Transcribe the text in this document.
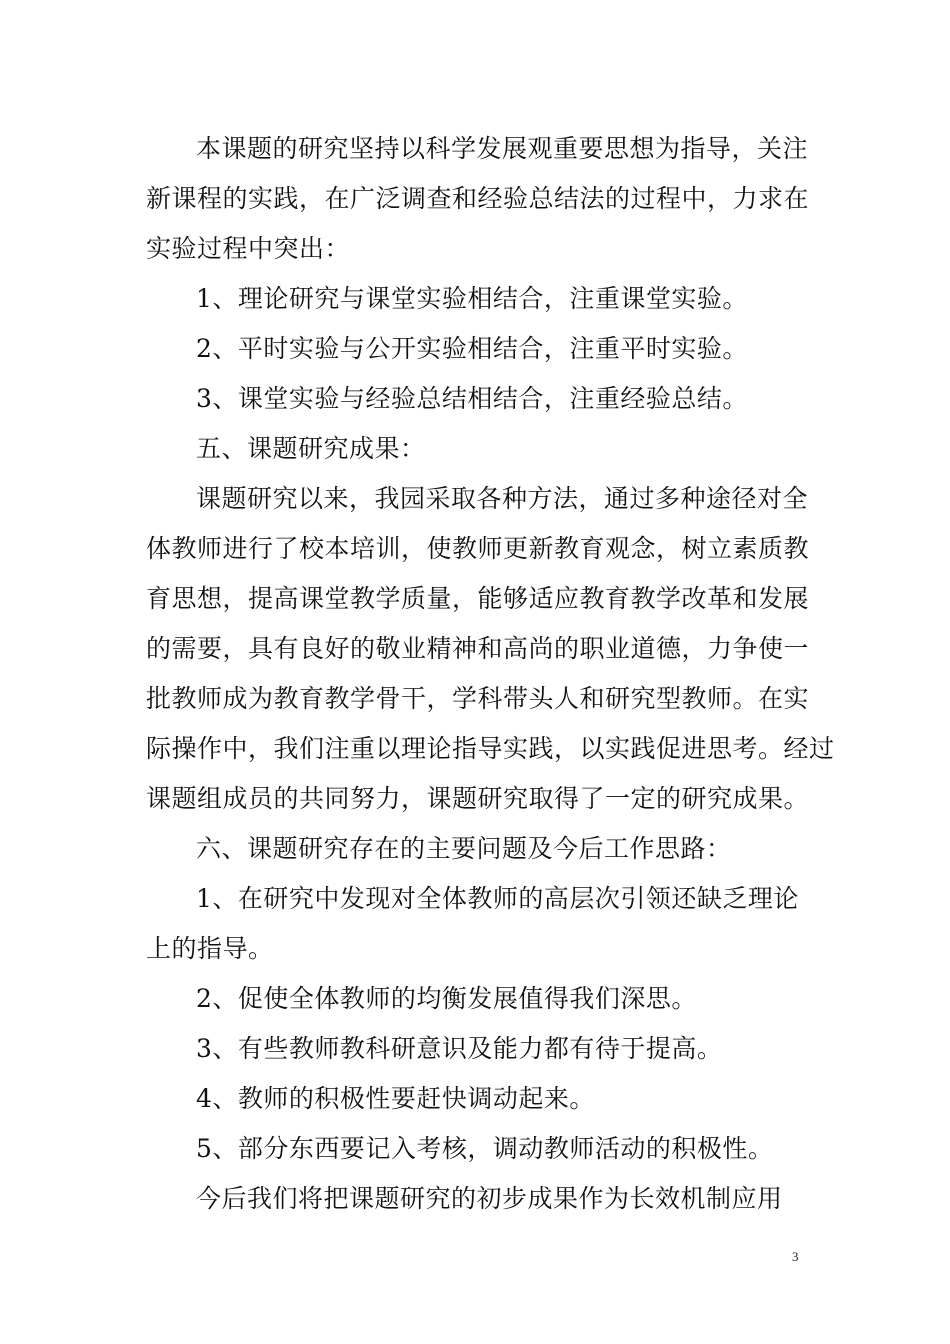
本课题的研究坚持以科学发展观重要思想为指导，关注
新课程的实践，在广泛调查和经验总结法的过程中，力求在
实验过程中突出：
1、理论研究与课堂实验相结合，注重课堂实验。
2、平时实验与公开实验相结合，注重平时实验。
3、课堂实验与经验总结相结合，注重经验总结。
五、课题研究成果：
课题研究以来，我园采取各种方法，通过多种途径对全
体教师进行了校本培训，使教师更新教育观念，树立素质教
育思想，提高课堂教学质量，能够适应教育教学改革和发展
的需要，具有良好的敬业精神和高尚的职业道德，力争使一
批教师成为教育教学骨干，学科带头人和研究型教师。在实
际操作中，我们注重以理论指导实践，以实践促进思考。经过
课题组成员的共同努力，课题研究取得了一定的研究成果。
六、课题研究存在的主要问题及今后工作思路：
1、在研究中发现对全体教师的高层次引领还缺乏理论
上的指导。
2、促使全体教师的均衡发展值得我们深思。
3、有些教师教科研意识及能力都有待于提高。
4、教师的积极性要赶快调动起来。
5、部分东西要记入考核，调动教师活动的积极性。
今后我们将把课题研究的初步成果作为长效机制应用
3
